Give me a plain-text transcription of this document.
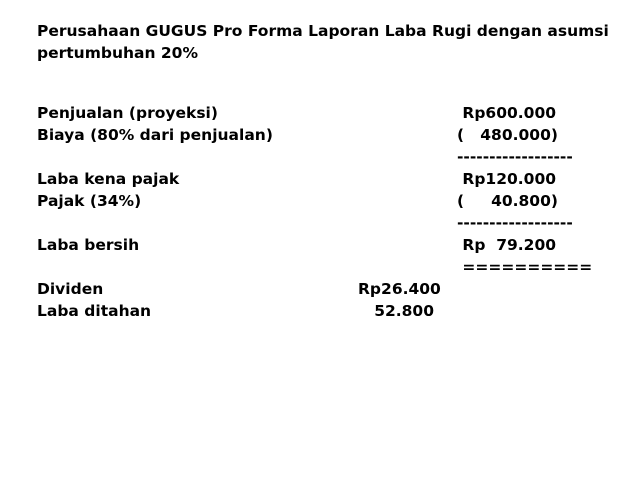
Perusahaan GUGUS Pro Forma Laporan Laba Rugi dengan asumsi
pertumbuhan 20%
Penjualan (proyeksi)	Rp600.000
Biaya (80% dari penjualan)	(   480.000)
------------------
Laba kena pajak	Rp120.000
Pajak (34%)	(     40.800)
------------------
Laba bersih	Rp  79.200
==========
Dividen	Rp26.400
Laba ditahan	52.800
